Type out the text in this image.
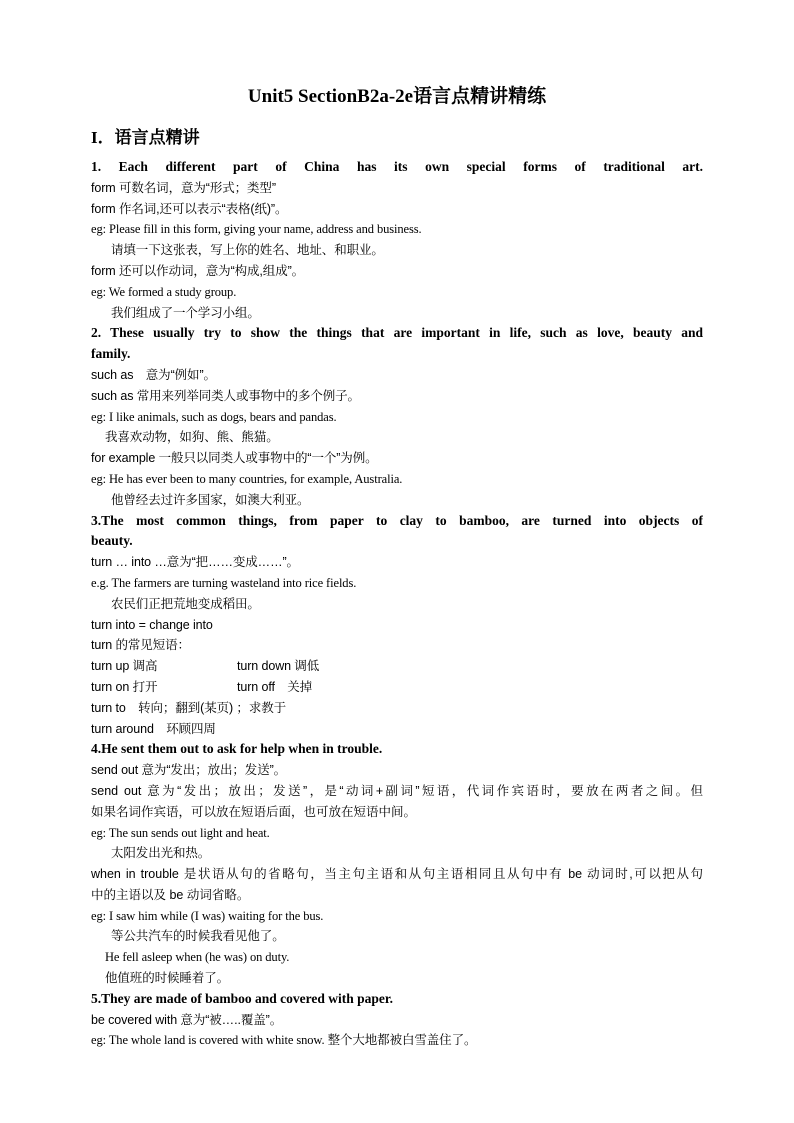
Unit5 SectionB2a-2e语言点精讲精练
I．语言点精讲
1. Each different part of China has its own special forms of traditional art.
form 可数名词，意为“形式；类型”
form 作名词,还可以表示“表格(纸)”。
eg: Please fill in this form, giving your name, address and business.
请填一下这张表，写上你的姓名、地址、和职业。
form 还可以作动词，意为“构成,组成”。
eg: We formed a study group.
我们组成了一个学习小组。
2. These usually try to show the things that are important in life, such as love, beauty and
family.
such as　意为“例如”。
such as 常用来列举同类人或事物中的多个例子。
eg: I like animals, such as dogs, bears and pandas.
我喜欢动物，如狗、熊、熊猫。
for example 一般只以同类人或事物中的“一个”为例。
eg: He has ever been to many countries, for example, Australia.
他曾经去过许多国家，如澳大利亚。
3.The most common things, from paper to clay to bamboo, are turned into objects of
beauty.
turn … into …意为“把……变成……”。
e.g. The farmers are turning wasteland into rice fields.
农民们正把荒地变成稻田。
turn into = change into
turn 的常见短语：
turn up 调高	turn down 调低
turn on 打开	turn off　关掉
turn to　转向；翻到(某页) ；求教于
turn around　环顾四周
4.He sent them out to ask for help when in trouble.
send out 意为“发出；放出；发送”。
send out 意为“发出；放出；发送”，是“动词+副词”短语，代词作宾语时，要放在两者之间。但
如果名词作宾语，可以放在短语后面，也可放在短语中间。
eg: The sun sends out light and heat.
太阳发出光和热。
when in trouble 是状语从句的省略句，当主句主语和从句主语相同且从句中有 be 动词时,可以把从句
中的主语以及 be 动词省略。
eg: I saw him while (I was) waiting for the bus.
等公共汽车的时候我看见他了。
He fell asleep when (he was) on duty.
他值班的时候睡着了。
5.They are made of bamboo and covered with paper.
be covered with 意为“被…..覆盖”。
eg: The whole land is covered with white snow. 整个大地都被白雪盖住了。
